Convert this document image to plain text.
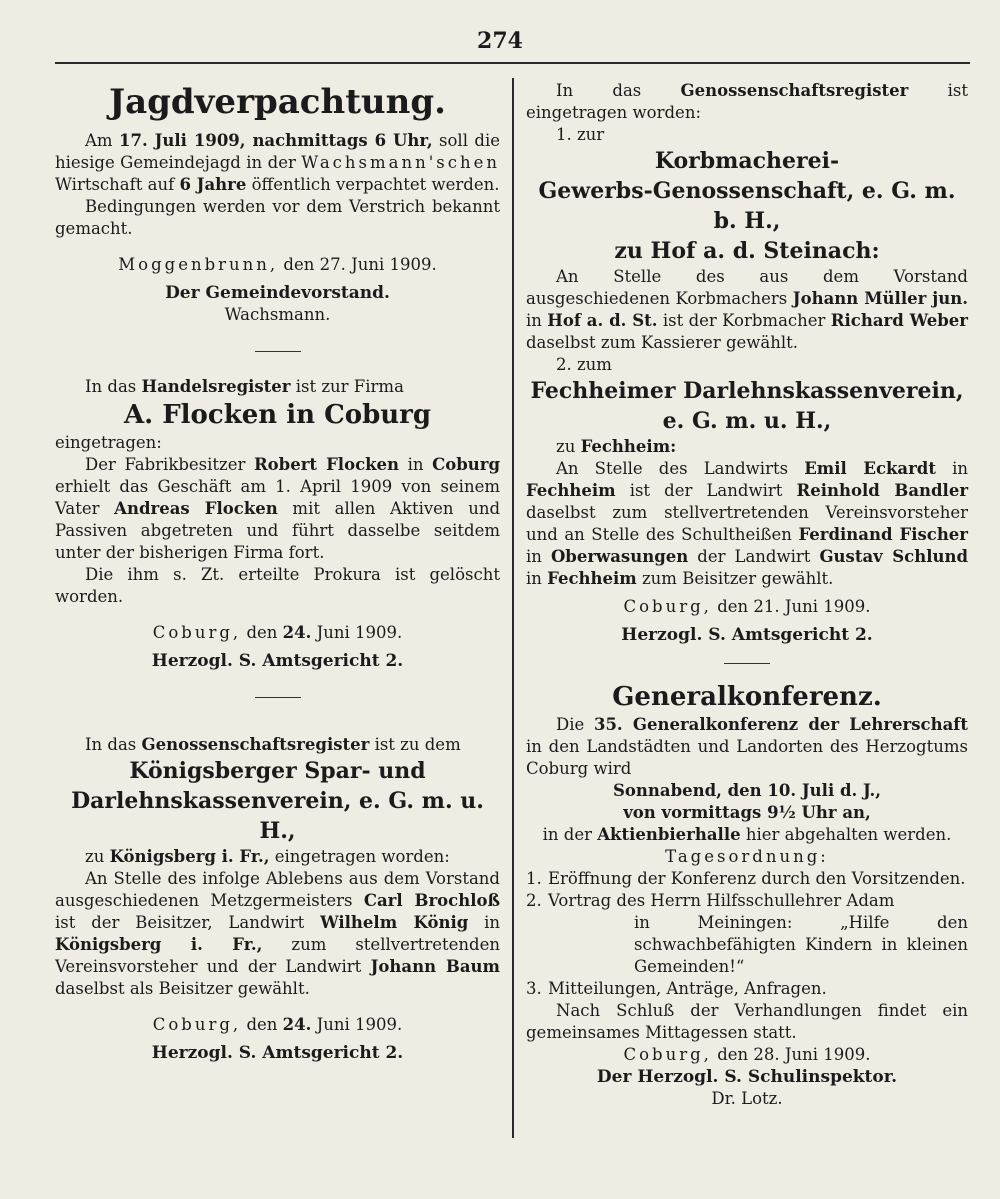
274
Jagdverpachtung.

Am 17. Juli 1909, nachmittags 6 Uhr, soll die hiesige Gemeindejagd in der Wachsmann'schen Wirtschaft auf 6 Jahre öffentlich verpachtet werden.

Bedingungen werden vor dem Verstrich bekannt gemacht.

Moggenbrunn, den 27. Juni 1909.

Der Gemeindevorstand.
Wachsmann.

In das Handelsregister ist zur Firma

A. Flocken in Coburg

eingetragen:

Der Fabrikbesitzer Robert Flocken in Coburg erhielt das Geschäft am 1. April 1909 von seinem Vater Andreas Flocken mit allen Aktiven und Passiven abgetreten und führt dasselbe seitdem unter der bisherigen Firma fort.

Die ihm s. Zt. erteilte Prokura ist gelöscht worden.

Coburg, den 24. Juni 1909.

Herzogl. S. Amtsgericht 2.

In das Genossenschaftsregister ist zu dem

Königsberger Spar- und Darlehnskassenverein, e. G. m. u. H.,

zu Königsberg i. Fr., eingetragen worden:

An Stelle des infolge Ablebens aus dem Vorstand ausgeschiedenen Metzgermeisters Carl Brochloß ist der Beisitzer, Landwirt Wilhelm König in Königsberg i. Fr., zum stellvertretenden Vereinsvorsteher und der Landwirt Johann Baum daselbst als Beisitzer gewählt.

Coburg, den 24. Juni 1909.

Herzogl. S. Amtsgericht 2.

In das Genossenschaftsregister ist eingetragen worden:

1. zur

Korbmacherei-
Gewerbs-Genossenschaft, e. G. m. b. H.,
zu Hof a. d. Steinach:

An Stelle des aus dem Vorstand ausgeschiedenen Korbmachers Johann Müller jun. in Hof a. d. St. ist der Korbmacher Richard Weber daselbst zum Kassierer gewählt.

2. zum

Fechheimer Darlehnskassenverein,
e. G. m. u. H.,

zu Fechheim:

An Stelle des Landwirts Emil Eckardt in Fechheim ist der Landwirt Reinhold Bandler daselbst zum stellvertretenden Vereinsvorsteher und an Stelle des Schultheißen Ferdinand Fischer in Oberwasungen der Landwirt Gustav Schlund in Fechheim zum Beisitzer gewählt.

Coburg, den 21. Juni 1909.

Herzogl. S. Amtsgericht 2.
Generalkonferenz.

Die 35. Generalkonferenz der Lehrerschaft in den Landstädten und Landorten des Herzogtums Coburg wird

Sonnabend, den 10. Juli d. J.,
von vormittags 9½ Uhr an,

in der Aktienbierhalle hier abgehalten werden.

Tagesordnung:
1. Eröffnung der Konferenz durch den Vorsitzenden.
2. Vortrag des Herrn Hilfsschullehrer Adam

in Meiningen: „Hilfe den schwachbefähigten Kindern in kleinen Gemeinden!“

3. Mitteilungen, Anträge, Anfragen.

Nach Schluß der Verhandlungen findet ein gemeinsames Mittagessen statt.

Coburg, den 28. Juni 1909.

Der Herzogl. S. Schulinspektor.
Dr. Lotz.
